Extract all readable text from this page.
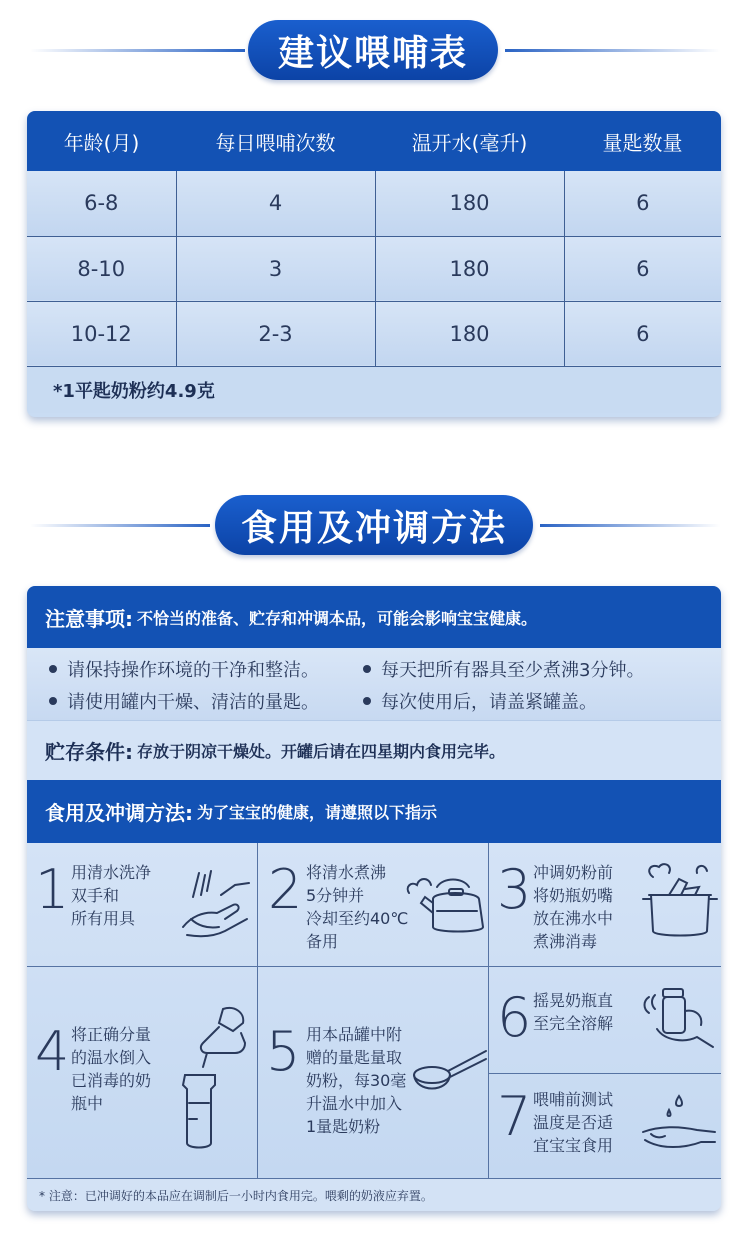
建议喂哺表
年龄(月)	每日喂哺次数	温开水(毫升)	量匙数量
6-8	4	180	6
8-10	3	180	6
10-12	2-3	180	6
*1平匙奶粉约4.9克
食用及冲调方法
注意事项: 不恰当的准备、贮存和冲调本品，可能会影响宝宝健康。
请保持操作环境的干净和整洁。	每天把所有器具至少煮沸3分钟。
请使用罐内干燥、清洁的量匙。	每次使用后，请盖紧罐盖。
贮存条件: 存放于阴凉干燥处。开罐后请在四星期内食用完毕。
食用及冲调方法: 为了宝宝的健康，请遵照以下指示
1 用清水洗净
双手和
所有用具 2 将清水煮沸
5分钟并
冷却至约40℃
备用
3 冲调奶粉前
将奶瓶奶嘴
放在沸水中
煮沸消毒
4 将正确分量
的温水倒入
已消毒的奶
瓶中
5 用本品罐中附
赠的量匙量取
奶粉，每30毫
升温水中加入
1量匙奶粉
6 摇晃奶瓶直
至完全溶解
7 喂哺前测试
温度是否适
宜宝宝食用
* 注意：已冲调好的本品应在调制后一小时内食用完。喂剩的奶液应弃置。
